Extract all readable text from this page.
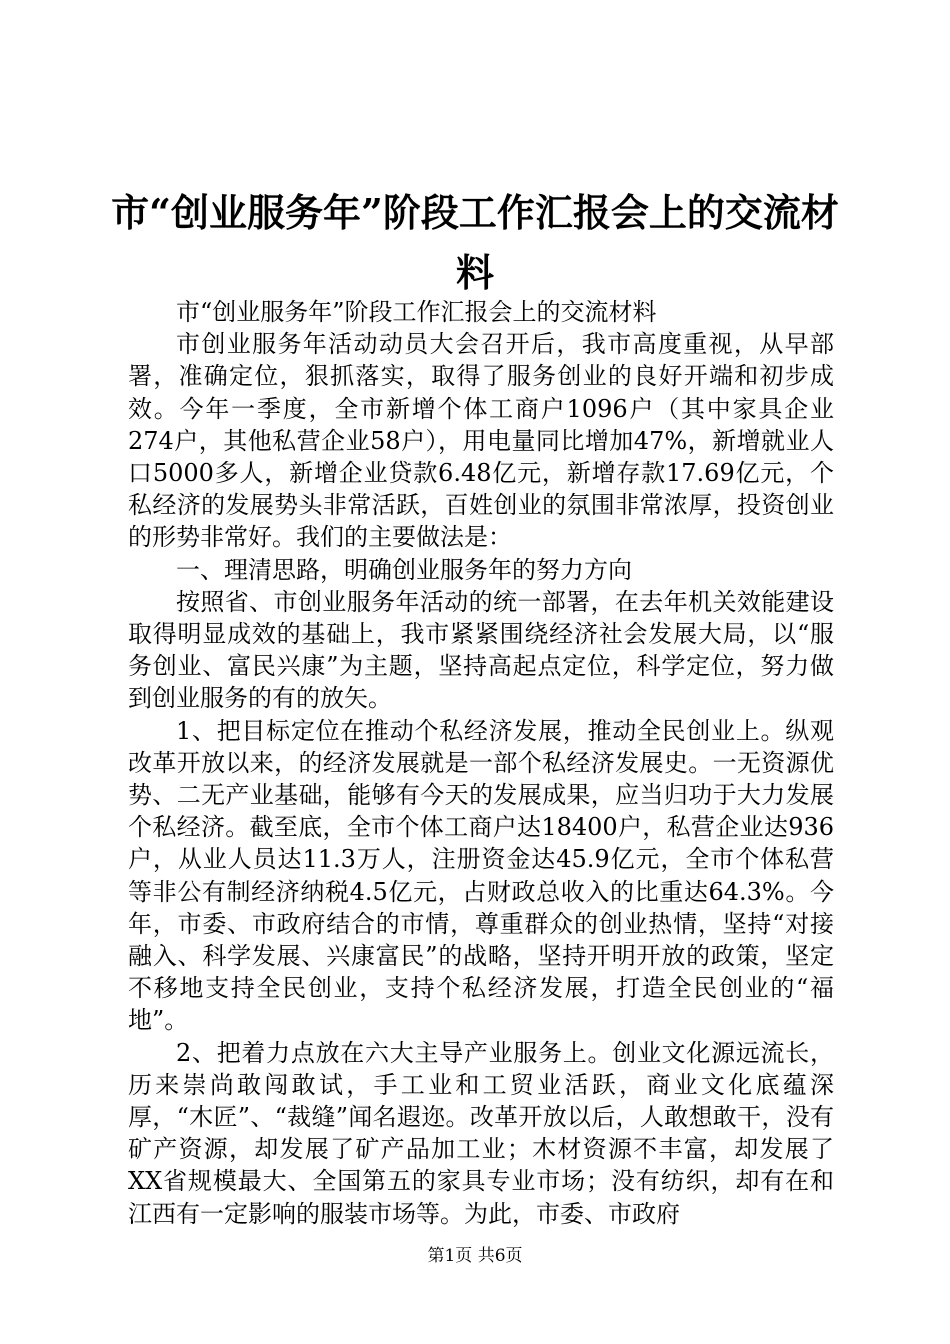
市“创业服务年”阶段工作汇报会上的交流材料

市“创业服务年”阶段工作汇报会上的交流材料

市创业服务年活动动员大会召开后，我市高度重视，从早部署，准确定位，狠抓落实，取得了服务创业的良好开端和初步成效。今年一季度，全市新增个体工商户1096户（其中家具企业274户，其他私营企业58户），用电量同比增加47%，新增就业人口5000多人，新增企业贷款6.48亿元，新增存款17.69亿元，个私经济的发展势头非常活跃，百姓创业的氛围非常浓厚，投资创业的形势非常好。我们的主要做法是：

一、理清思路，明确创业服务年的努力方向

按照省、市创业服务年活动的统一部署，在去年机关效能建设取得明显成效的基础上，我市紧紧围绕经济社会发展大局，以“服务创业、富民兴康”为主题，坚持高起点定位，科学定位，努力做到创业服务的有的放矢。

1、把目标定位在推动个私经济发展，推动全民创业上。纵观改革开放以来，的经济发展就是一部个私经济发展史。一无资源优势、二无产业基础，能够有今天的发展成果，应当归功于大力发展个私经济。截至底，全市个体工商户达18400户，私营企业达936户，从业人员达11.3万人，注册资金达45.9亿元，全市个体私营等非公有制经济纳税4.5亿元，占财政总收入的比重达64.3%。今年，市委、市政府结合的市情，尊重群众的创业热情，坚持“对接融入、科学发展、兴康富民”的战略，坚持开明开放的政策，坚定不移地支持全民创业，支持个私经济发展，打造全民创业的“福地”。

2、把着力点放在六大主导产业服务上。创业文化源远流长，历来崇尚敢闯敢试，手工业和工贸业活跃，商业文化底蕴深厚，“木匠”、“裁缝”闻名遐迩。改革开放以后，人敢想敢干，没有矿产资源，却发展了矿产品加工业；木材资源不丰富，却发展了XX省规模最大、全国第五的家具专业市场；没有纺织，却有在和江西有一定影响的服装市场等。为此，市委、市政府

第1页 共6页
